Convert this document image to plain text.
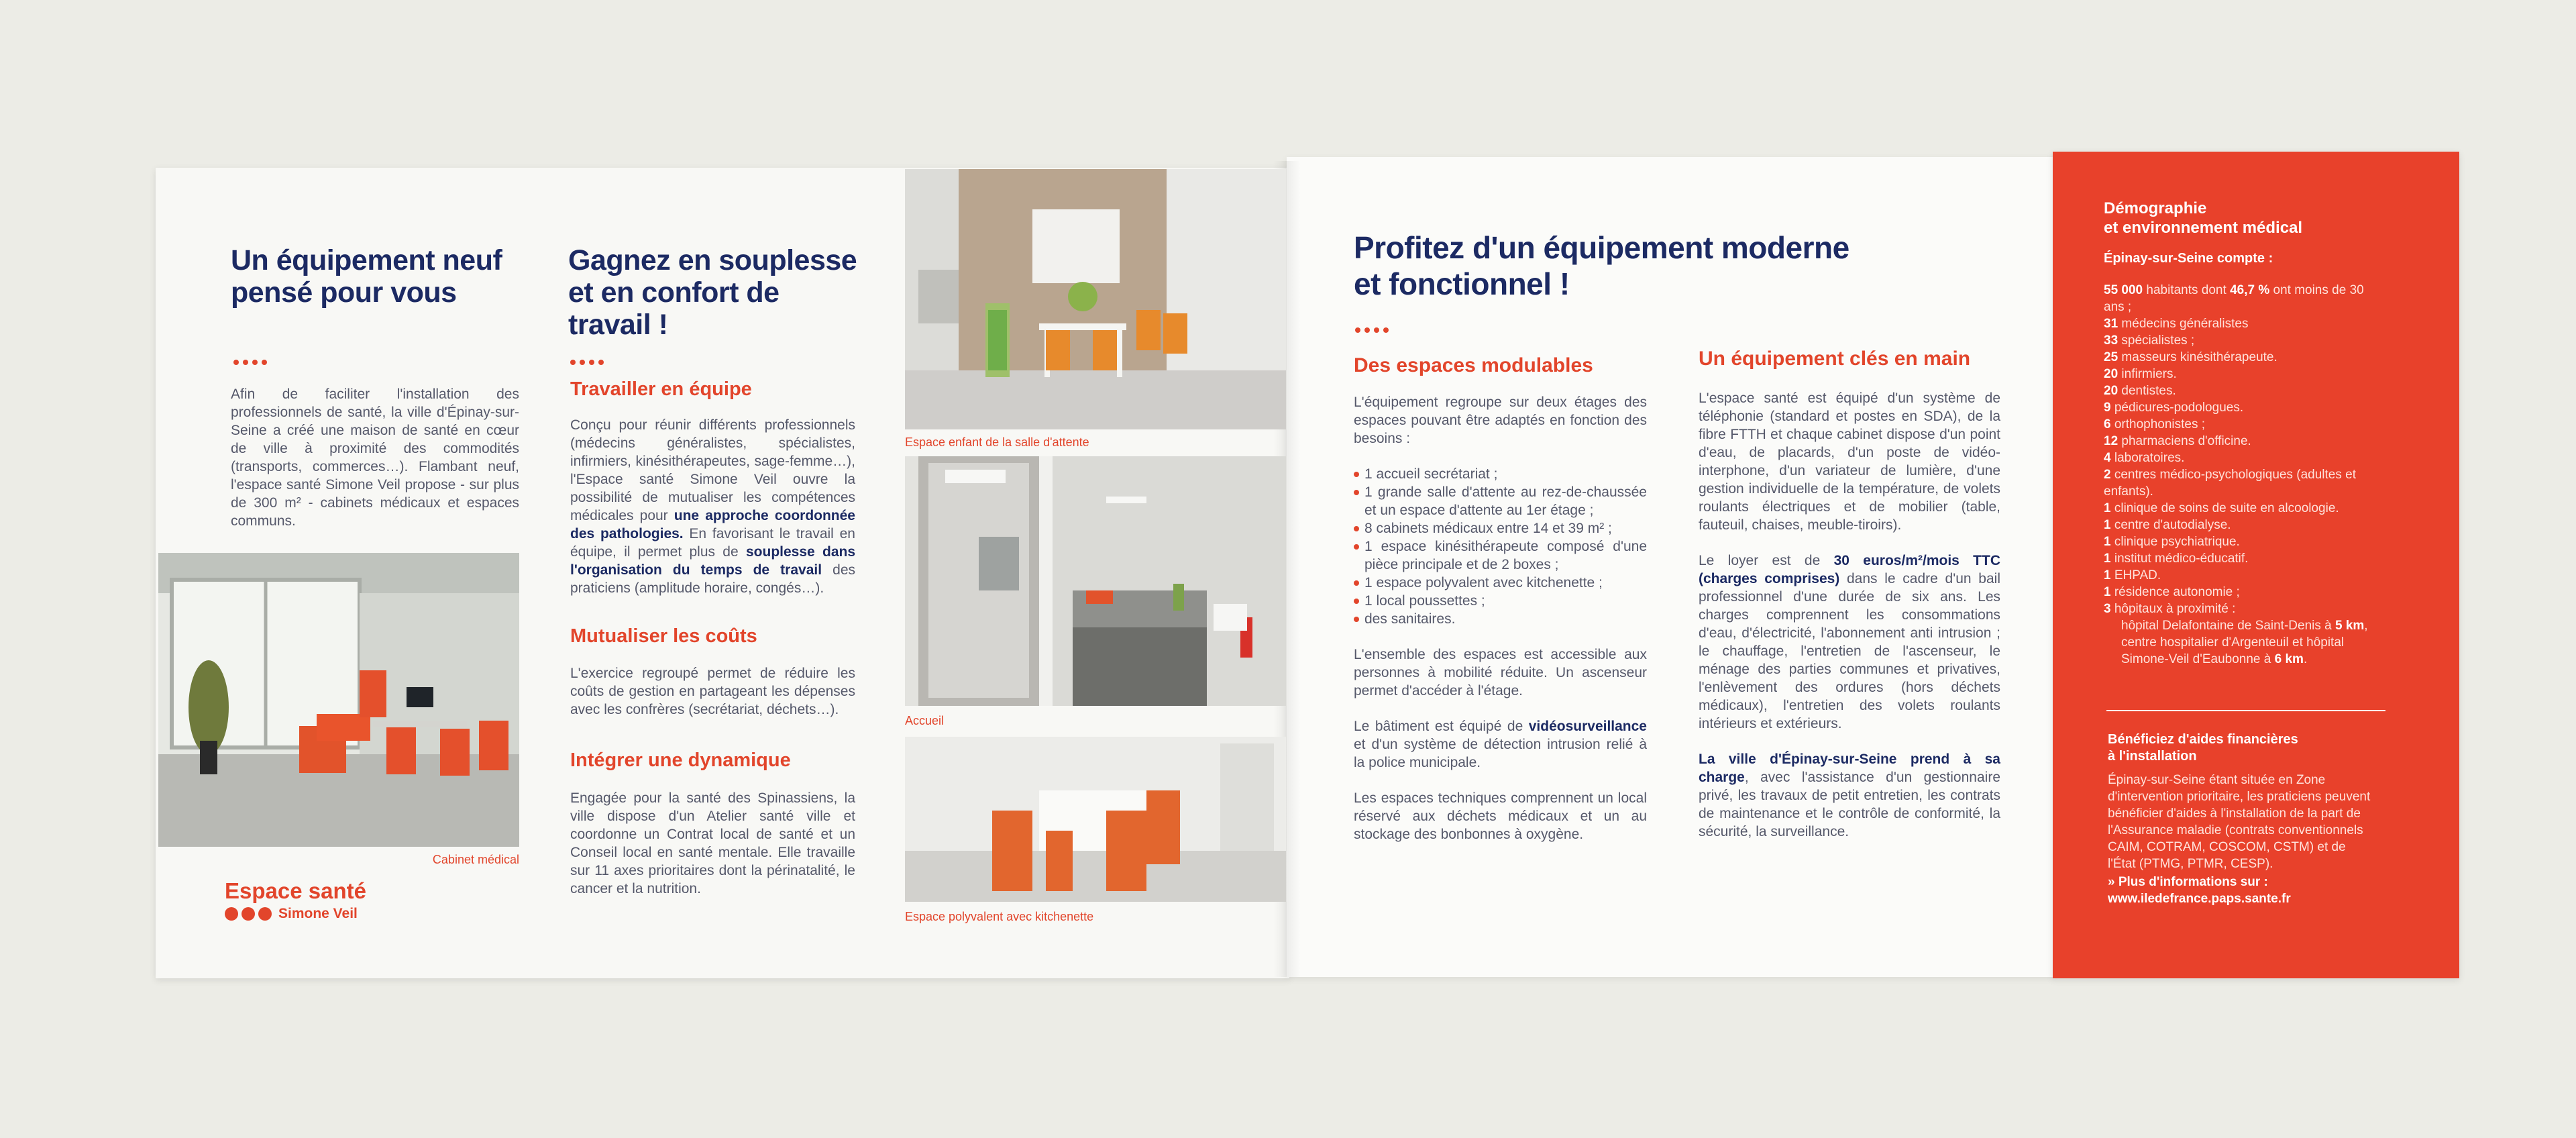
Un équipement neuf pensé pour vous
Afin de faciliter l'installation des professionnels de santé, la ville d'Épinay-sur-Seine a créé une maison de santé en cœur de ville à proximité des commodités (transports, commerces…). Flambant neuf, l'espace santé Simone Veil propose - sur plus de 300 m² - cabinets médicaux et espaces communs.
Cabinet médical
Espace santé
Simone Veil
Gagnez en souplesse et en confort de travail !
Travailler en équipe
Conçu pour réunir différents professionnels (médecins généralistes, spécialistes, infirmiers, kinésithérapeutes, sage-femme…), l'Espace santé Simone Veil ouvre la possibilité de mutualiser les compétences médicales pour une approche coordonnée des pathologies. En favorisant le travail en équipe, il permet plus de souplesse dans l'organisation du temps de travail des praticiens (amplitude horaire, congés…).
Mutualiser les coûts
L'exercice regroupé permet de réduire les coûts de gestion en partageant les dépenses avec les confrères (secrétariat, déchets…).
Intégrer une dynamique
Engagée pour la santé des Spinassiens, la ville dispose d'un Atelier santé ville et coordonne un Contrat local de santé et un Conseil local en santé mentale. Elle travaille sur 11 axes prioritaires dont la périnatalité, le cancer et la nutrition.
Espace enfant de la salle d'attente
Accueil
Espace polyvalent avec kitchenette
Profitez d'un équipement moderne
et fonctionnel !
Des espaces modulables

L'équipement regroupe sur deux étages des espaces pouvant être adaptés en fonction des besoins :

1 accueil secrétariat ;
1 grande salle d'attente au rez-de-chaussée et un espace d'attente au 1er étage ;
8 cabinets médicaux entre 14 et 39 m² ;
1 espace kinésithérapeute composé d'une pièce principale et de 2 boxes ;
1 espace polyvalent avec kitchenette ;
1 local poussettes ;
des sanitaires.

L'ensemble des espaces est accessible aux personnes à mobilité réduite. Un ascenseur permet d'accéder à l'étage.

Le bâtiment est équipé de vidéosurveillance et d'un système de détection intrusion relié à la police municipale.

Les espaces techniques comprennent un local réservé aux déchets médicaux et un au stockage des bonbonnes à oxygène.

Un équipement clés en main

L'espace santé est équipé d'un système de téléphonie (standard et postes en SDA), de la fibre FTTH et chaque cabinet dispose d'un point d'eau, de placards, d'un poste de vidéo-interphone, d'un variateur de lumière, d'une gestion individuelle de la température, de volets roulants électriques et de mobilier (table, fauteuil, chaises, meuble-tiroirs).

Le loyer est de 30 euros/m²/mois TTC (charges comprises) dans le cadre d'un bail professionnel d'une durée de six ans. Les charges comprennent les consommations d'eau, d'électricité, l'abonnement anti intrusion ; le chauffage, l'entretien de l'ascenseur, le ménage des parties communes et privatives, l'enlèvement des ordures (hors déchets médicaux), l'entretien des volets roulants intérieurs et extérieurs.

La ville d'Épinay-sur-Seine prend à sa charge, avec l'assistance d'un gestionnaire privé, les travaux de petit entretien, les contrats de maintenance et le contrôle de conformité, la sécurité, la surveillance.

Démographie
et environnement médical
Épinay-sur-Seine compte :
55 000 habitants dont 46,7 % ont moins de 30 ans ;
31 médecins généralistes
33 spécialistes ;
25 masseurs kinésithérapeute.
20 infirmiers.
20 dentistes.
9 pédicures-podologues.
6 orthophonistes ;
12 pharmaciens d'officine.
4 laboratoires.
2 centres médico-psychologiques (adultes et enfants).
1 clinique de soins de suite en alcoologie.
1 centre d'autodialyse.
1 clinique psychiatrique.
1 institut médico-éducatif.
1 EHPAD.
1 résidence autonomie ;
3 hôpitaux à proximité :
hôpital Delafontaine de Saint-Denis à 5 km, centre hospitalier d'Argenteuil et hôpital Simone-Veil d'Eaubonne à 6 km.
Bénéficiez d'aides financières
à l'installation
Épinay-sur-Seine étant située en Zone d'intervention prioritaire, les praticiens peuvent bénéficier d'aides à l'installation de la part de l'Assurance maladie (contrats conventionnels CAIM, COTRAM, COSCOM, CSTM) et de l'État (PTMG, PTMR, CESP).
» Plus d'informations sur :
www.iledefrance.paps.sante.fr
